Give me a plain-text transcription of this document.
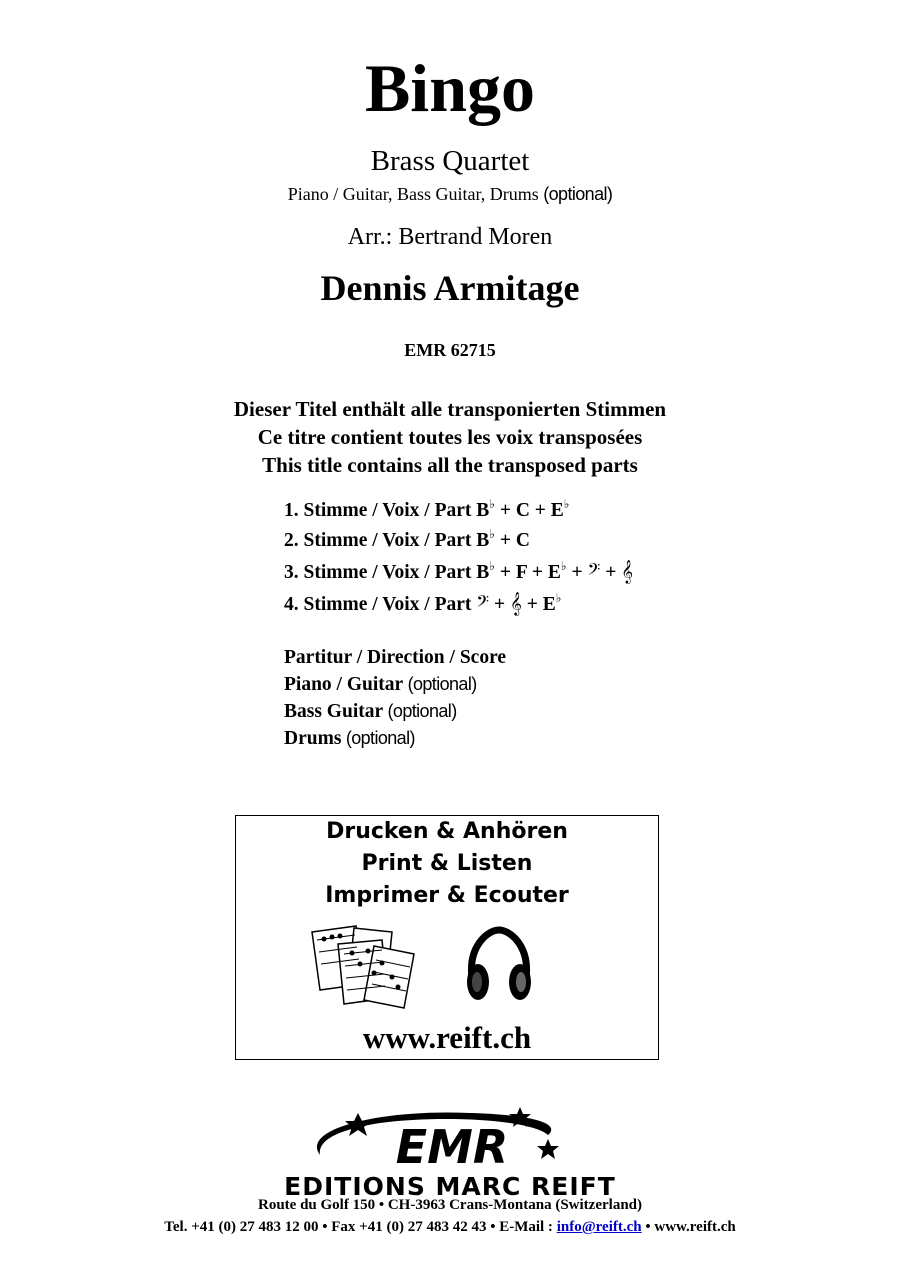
Bingo
Brass Quartet
Piano / Guitar, Bass Guitar, Drums (optional)
Arr.: Bertrand Moren
Dennis Armitage
EMR 62715
Dieser Titel enthält alle transponierten Stimmen
Ce titre contient toutes les voix transposées
This title contains all the transposed parts
1. Stimme / Voix / Part B♭ + C + E♭
2. Stimme / Voix / Part B♭ + C
3. Stimme / Voix / Part B♭ + F + E♭ + 𝄢 + 𝄞
4. Stimme / Voix / Part 𝄢 + 𝄞 + E♭
Partitur / Direction / Score
Piano / Guitar (optional)
Bass Guitar (optional)
Drums (optional)
Drucken & Anhören
Print & Listen
Imprimer & Ecouter
www.reift.ch
EMR
EDITIONS MARC REIFT
Route du Golf 150 • CH-3963 Crans-Montana (Switzerland)
Tel. +41 (0) 27 483 12 00 • Fax +41 (0) 27 483 42 43 • E-Mail : info@reift.ch • www.reift.ch
